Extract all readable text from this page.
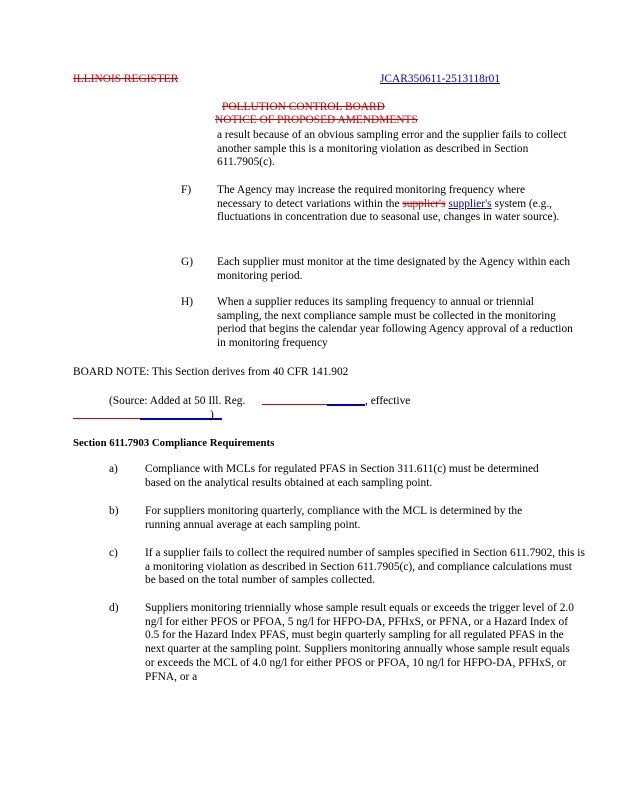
ILLINOIS REGISTER	JCAR350611-2513118r01
POLLUTION CONTROL BOARD
NOTICE OF PROPOSED AMENDMENTS
a result because of an obvious sampling error and the supplier fails to collect another sample this is a monitoring violation as described in Section 611.7905(c).
F) The Agency may increase the required monitoring frequency where necessary to detect variations within the supplier's supplier's system (e.g., fluctuations in concentration due to seasonal use, changes in water source).
G) Each supplier must monitor at the time designated by the Agency within each monitoring period.
H) When a supplier reduces its sampling frequency to annual or triennial sampling, the next compliance sample must be collected in the monitoring period that begins the calendar year following Agency approval of a reduction in monitoring frequency
BOARD NOTE: This Section derives from 40 CFR 141.902
(Source: Added at 50 Ill. Reg.	, effective
)
Section 611.7903 Compliance Requirements
a) Compliance with MCLs for regulated PFAS in Section 311.611(c) must be determined based on the analytical results obtained at each sampling point.
b) For suppliers monitoring quarterly, compliance with the MCL is determined by the running annual average at each sampling point.
c) If a supplier fails to collect the required number of samples specified in Section 611.7902, this is a monitoring violation as described in Section 611.7905(c), and compliance calculations must be based on the total number of samples collected.
d) Suppliers monitoring triennially whose sample result equals or exceeds the trigger level of 2.0 ng/l for either PFOS or PFOA, 5 ng/l for HFPO-DA, PFHxS, or PFNA, or a Hazard Index of 0.5 for the Hazard Index PFAS, must begin quarterly sampling for all regulated PFAS in the next quarter at the sampling point. Suppliers monitoring annually whose sample result equals or exceeds the MCL of 4.0 ng/l for either PFOS or PFOA, 10 ng/l for HFPO-DA, PFHxS, or PFNA, or a
